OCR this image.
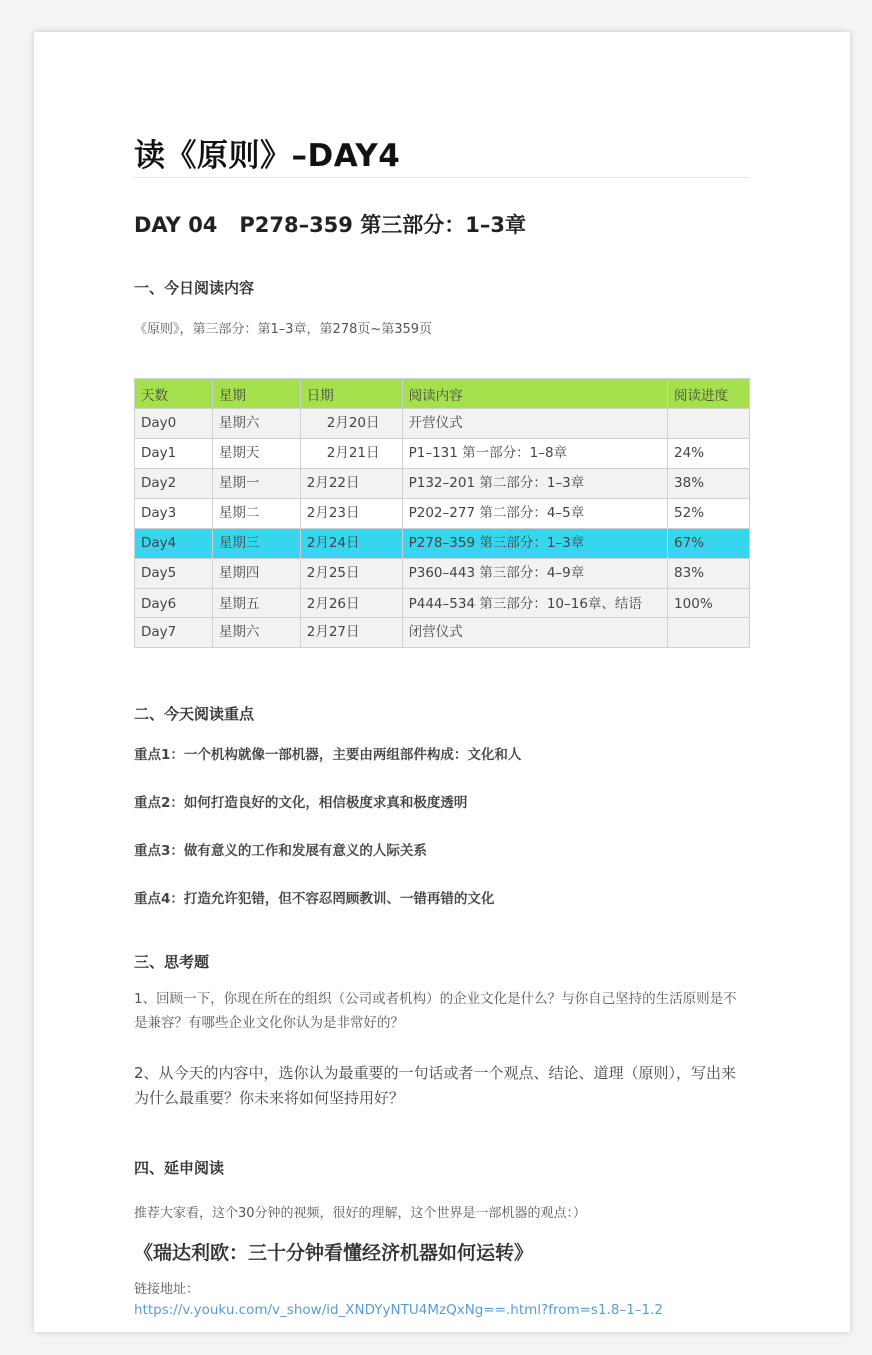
读《原则》–DAY4
DAY 04   P278–359 第三部分：1–3章
一、今日阅读内容
《原则》，第三部分：第1–3章，第278页~第359页
天数	星期	日期	阅读内容	阅读进度
Day0	星期六	2月20日	开营仪式	
Day1	星期天	2月21日	P1–131 第一部分：1–8章	24%
Day2	星期一	2月22日	P132–201 第二部分：1–3章	38%
Day3	星期二	2月23日	P202–277 第二部分：4–5章	52%
Day4	星期三	2月24日	P278–359 第三部分：1–3章	67%
Day5	星期四	2月25日	P360–443 第三部分：4–9章	83%
Day6	星期五	2月26日	P444–534 第三部分：10–16章、结语	100%
Day7	星期六	2月27日	闭营仪式	
二、今天阅读重点
重点1：一个机构就像一部机器，主要由两组部件构成：文化和人
重点2：如何打造良好的文化，相信极度求真和极度透明
重点3：做有意义的工作和发展有意义的人际关系
重点4：打造允许犯错，但不容忍罔顾教训、一错再错的文化
三、思考题
1、回顾一下，你现在所在的组织（公司或者机构）的企业文化是什么？与你自己坚持的生活原则是不是兼容？有哪些企业文化你认为是非常好的？
2、从今天的内容中，选你认为最重要的一句话或者一个观点、结论、道理（原则），写出来为什么最重要？你未来将如何坚持用好？
四、延申阅读
推荐大家看，这个30分钟的视频，很好的理解，这个世界是一部机器的观点：）
《瑞达利欧：三十分钟看懂经济机器如何运转》
链接地址：
https://v.youku.com/v_show/id_XNDYyNTU4MzQxNg==.html?from=s1.8–1–1.2
